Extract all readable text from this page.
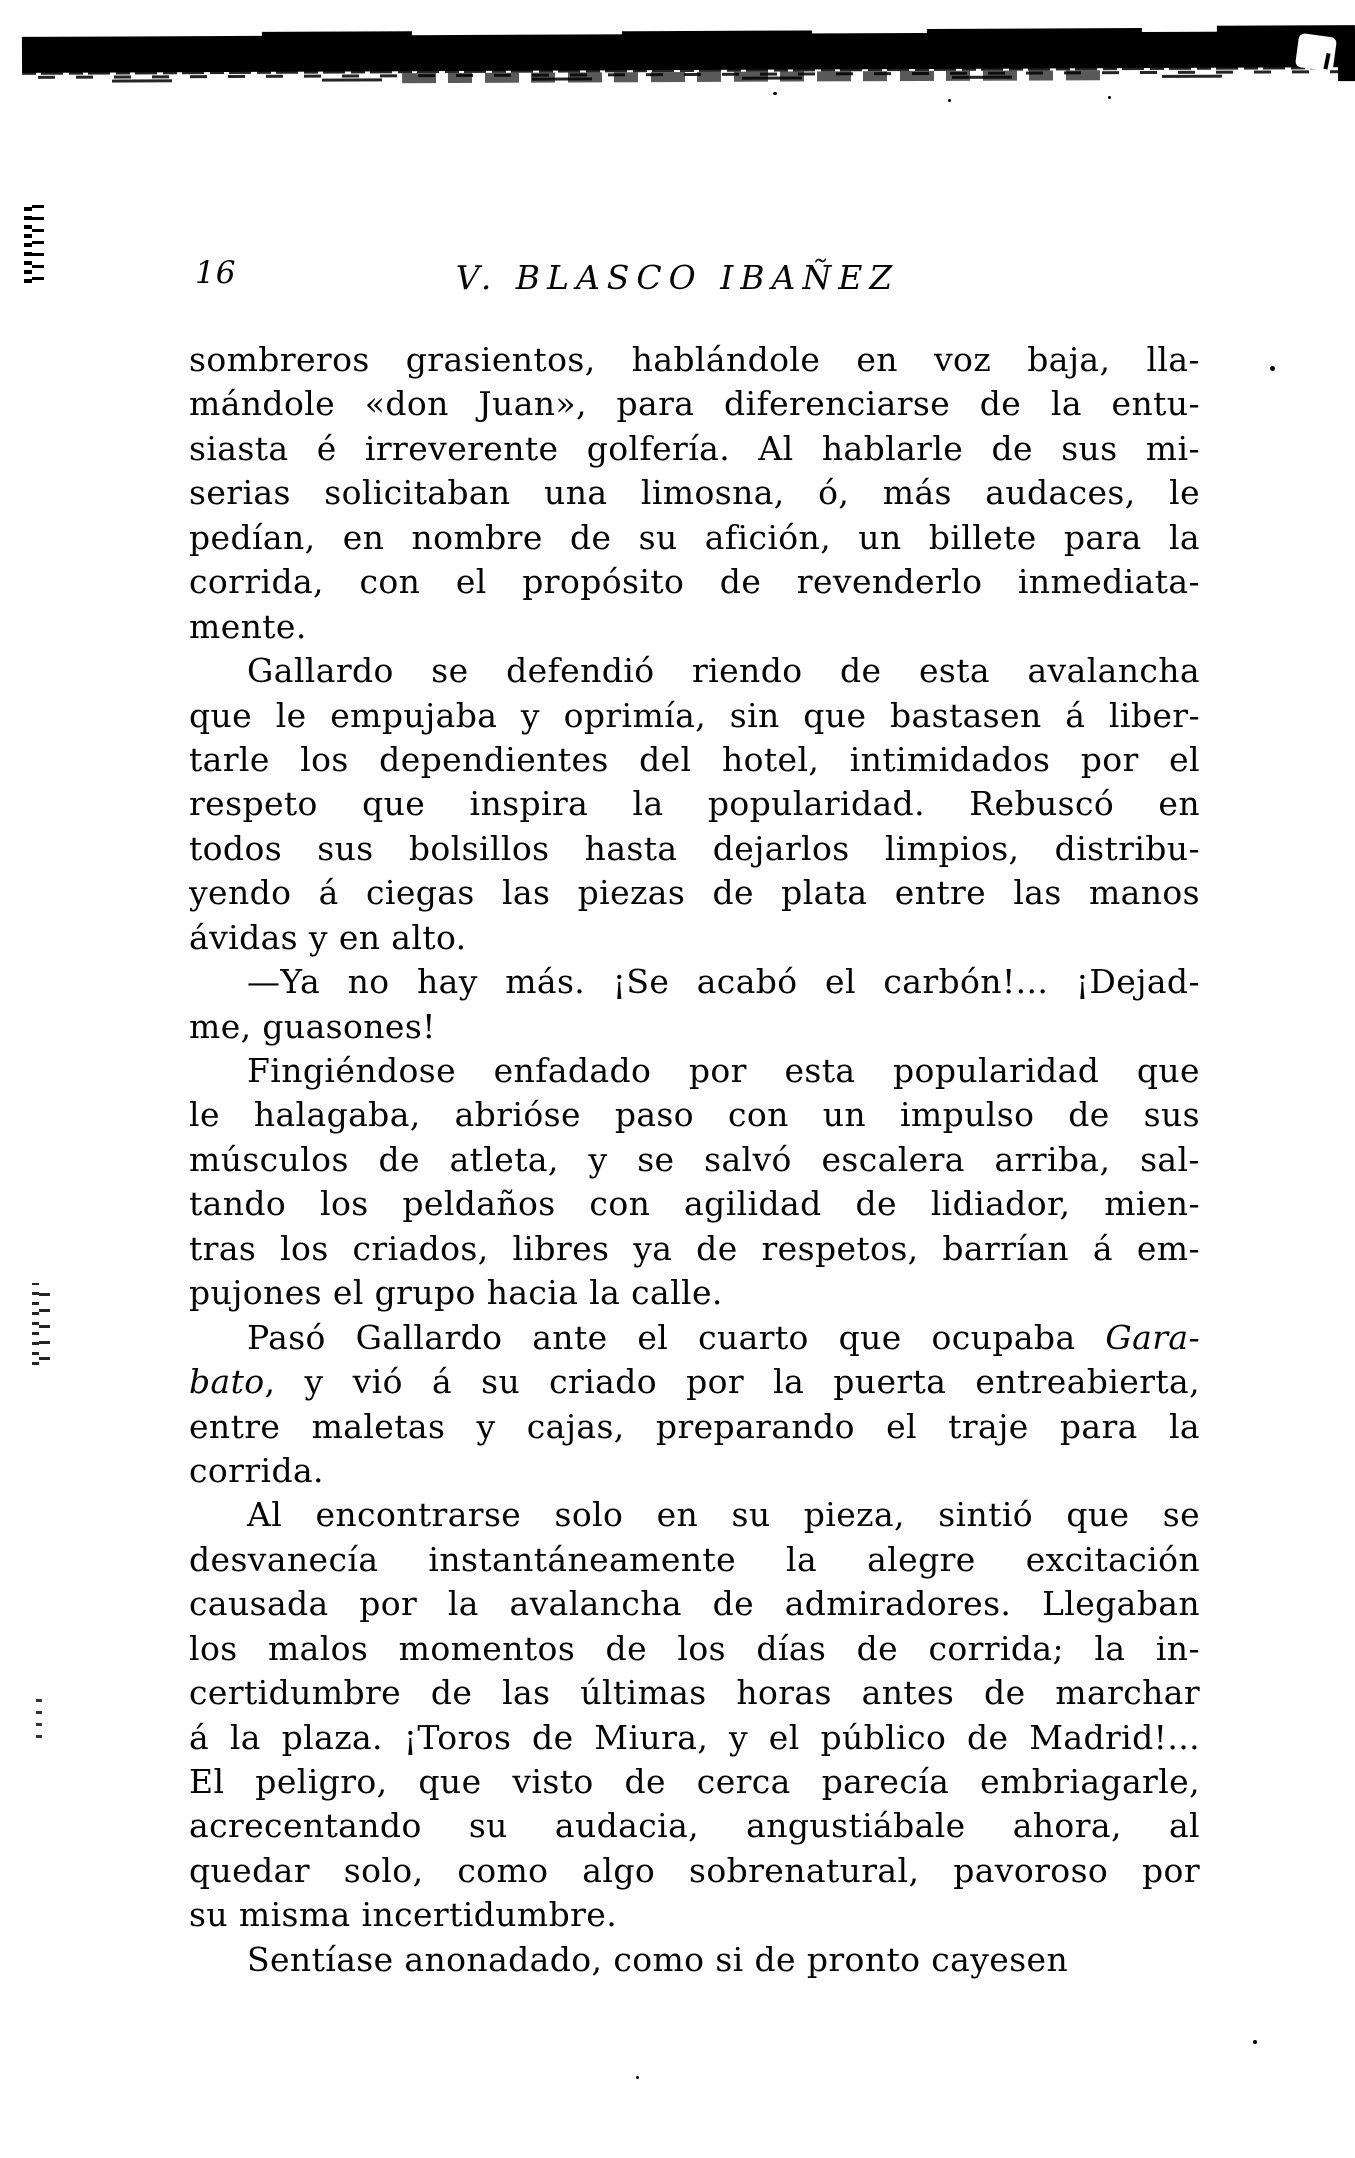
16	V. BLASCO IBAÑEZ
sombreros grasientos, hablándole en voz baja, lla-
mándole «don Juan», para diferenciarse de la entu-
siasta é irreverente golfería. Al hablarle de sus mi-
serias solicitaban una limosna, ó, más audaces, le
pedían, en nombre de su afición, un billete para la
corrida, con el propósito de revenderlo inmediata-
mente.
Gallardo se defendió riendo de esta avalancha
que le empujaba y oprimía, sin que bastasen á liber-
tarle los dependientes del hotel, intimidados por el
respeto que inspira la popularidad. Rebuscó en
todos sus bolsillos hasta dejarlos limpios, distribu-
yendo á ciegas las piezas de plata entre las manos
ávidas y en alto.
—Ya no hay más. ¡Se acabó el carbón!... ¡Dejad-
me, guasones!
Fingiéndose enfadado por esta popularidad que
le halagaba, abrióse paso con un impulso de sus
músculos de atleta, y se salvó escalera arriba, sal-
tando los peldaños con agilidad de lidiador, mien-
tras los criados, libres ya de respetos, barrían á em-
pujones el grupo hacia la calle.
Pasó Gallardo ante el cuarto que ocupaba Gara-
bato, y vió á su criado por la puerta entreabierta,
entre maletas y cajas, preparando el traje para la
corrida.
Al encontrarse solo en su pieza, sintió que se
desvanecía instantáneamente la alegre excitación
causada por la avalancha de admiradores. Llegaban
los malos momentos de los días de corrida; la in-
certidumbre de las últimas horas antes de marchar
á la plaza. ¡Toros de Miura, y el público de Madrid!...
El peligro, que visto de cerca parecía embriagarle,
acrecentando su audacia, angustiábale ahora, al
quedar solo, como algo sobrenatural, pavoroso por
su misma incertidumbre.
Sentíase anonadado, como si de pronto cayesen
